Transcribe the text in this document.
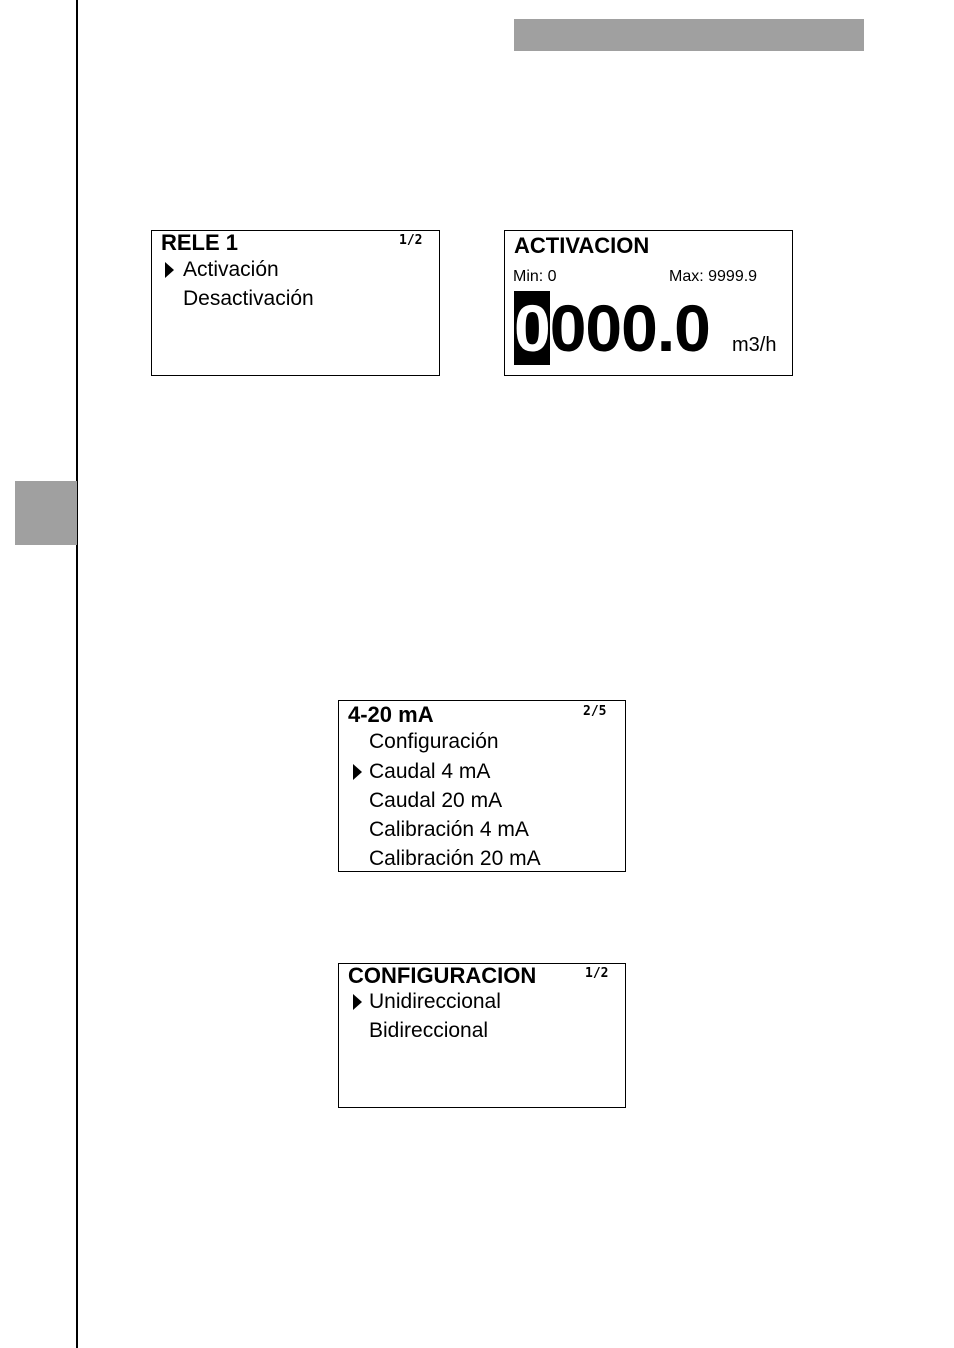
RELE 1	1/2
Activación
Desactivación
ACTIVACION
Min: 0	Max: 9999.9
0000.0 m3/h
4-20 mA	2/5
Configuración
Caudal 4 mA
Caudal 20 mA
Calibración 4 mA
Calibración 20 mA
CONFIGURACION	1/2
Unidireccional
Bidireccional
